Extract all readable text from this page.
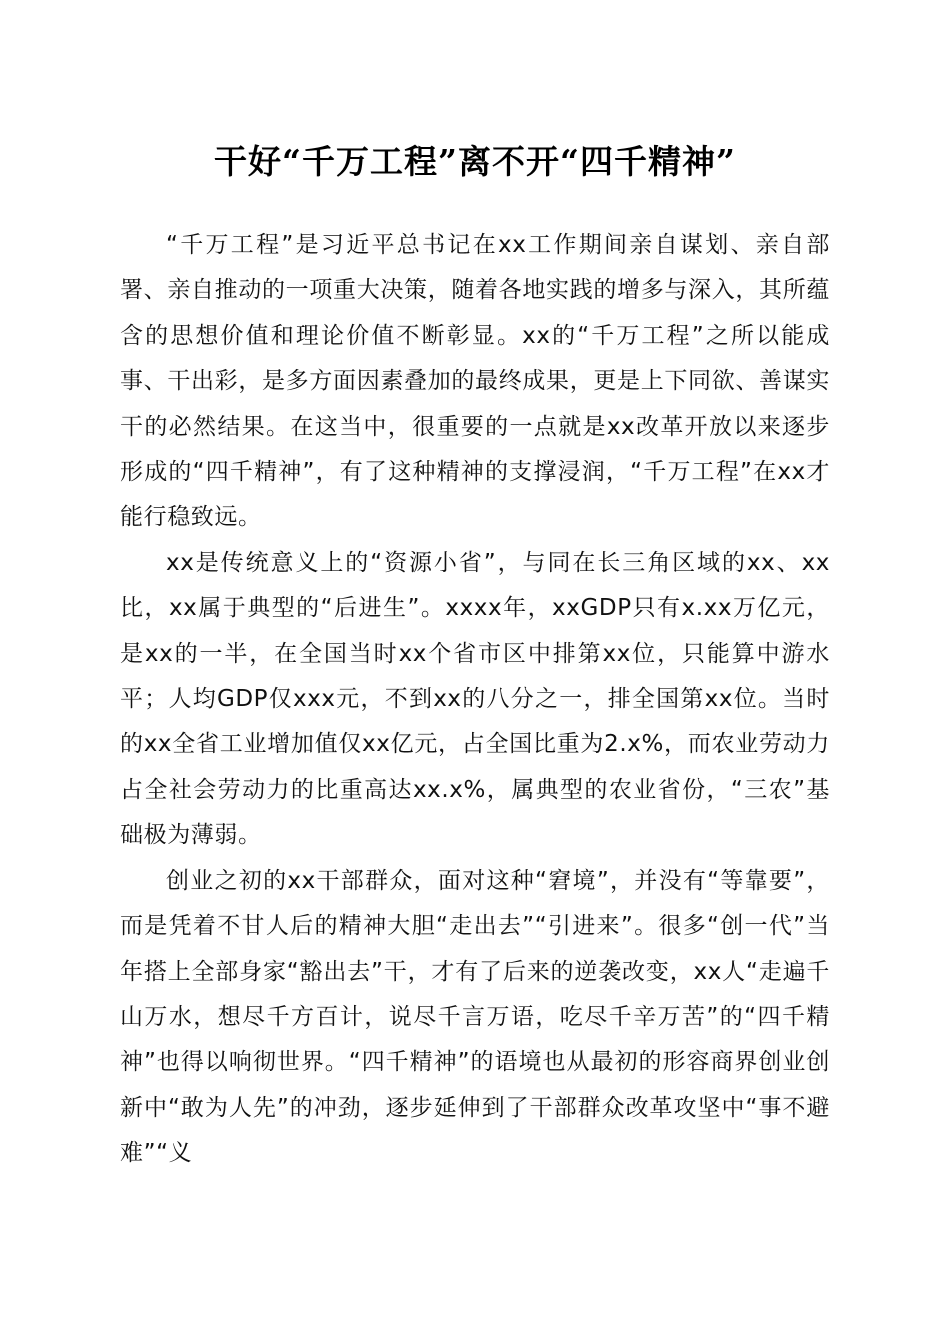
干好“千万工程”离不开“四千精神”

“千万工程”是习近平总书记在xx工作期间亲自谋划、亲自部署、亲自推动的一项重大决策，随着各地实践的增多与深入，其所蕴含的思想价值和理论价值不断彰显。xx的“千万工程”之所以能成事、干出彩，是多方面因素叠加的最终成果，更是上下同欲、善谋实干的必然结果。在这当中，很重要的一点就是xx改革开放以来逐步形成的“四千精神”，有了这种精神的支撑浸润，“千万工程”在xx才能行稳致远。

xx是传统意义上的“资源小省”，与同在长三角区域的xx、xx比，xx属于典型的“后进生”。xxxx年，xxGDP只有x.xx万亿元，是xx的一半，在全国当时xx个省市区中排第xx位，只能算中游水平；人均GDP仅xxx元，不到xx的八分之一，排全国第xx位。当时的xx全省工业增加值仅xx亿元，占全国比重为2.x%，而农业劳动力占全社会劳动力的比重高达xx.x%，属典型的农业省份，“三农”基础极为薄弱。

创业之初的xx干部群众，面对这种“窘境”，并没有“等靠要”，而是凭着不甘人后的精神大胆“走出去”“引进来”。很多“创一代”当年搭上全部身家“豁出去”干，才有了后来的逆袭改变，xx人“走遍千山万水，想尽千方百计，说尽千言万语，吃尽千辛万苦”的“四千精神”也得以响彻世界。“四千精神”的语境也从最初的形容商界创业创新中“敢为人先”的冲劲，逐步延伸到了干部群众改革攻坚中“事不避难”“义
